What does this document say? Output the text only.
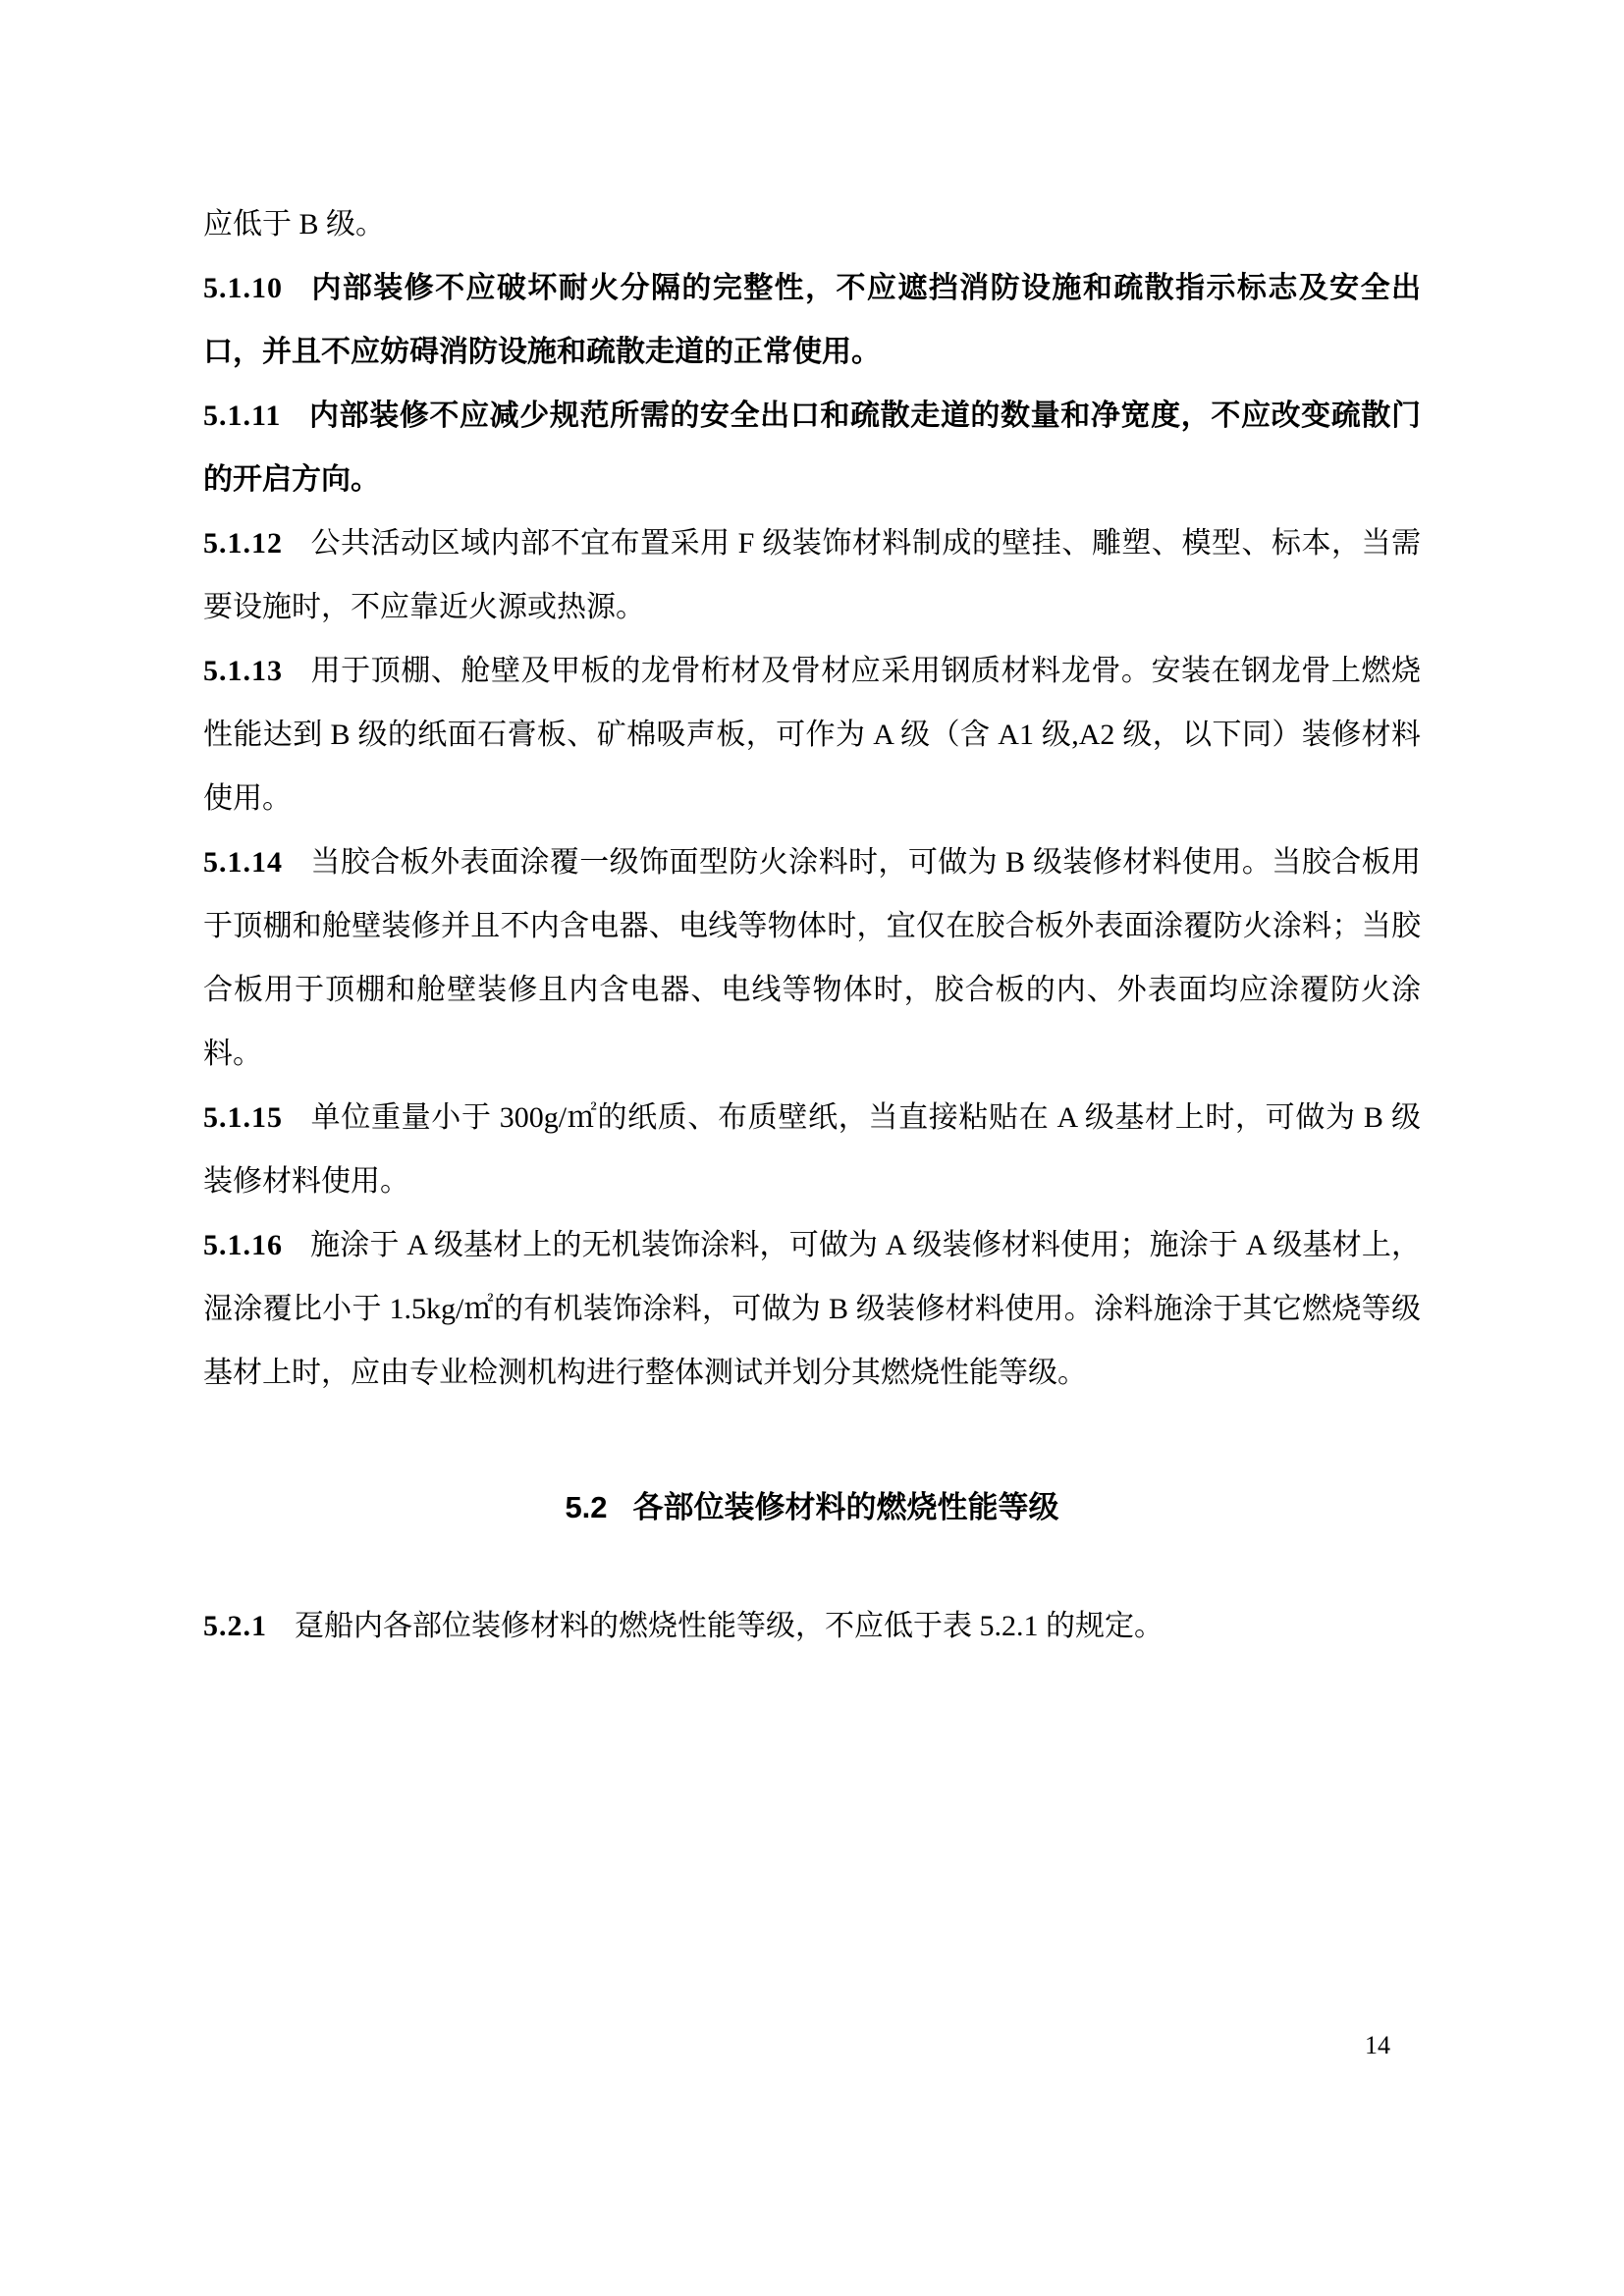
应低于 B 级。

5.1.10 内部装修不应破坏耐火分隔的完整性，不应遮挡消防设施和疏散指示标志及安全出口，并且不应妨碍消防设施和疏散走道的正常使用。

5.1.11 内部装修不应减少规范所需的安全出口和疏散走道的数量和净宽度，不应改变疏散门的开启方向。

5.1.12 公共活动区域内部不宜布置采用 F 级装饰材料制成的壁挂、雕塑、模型、标本，当需要设施时，不应靠近火源或热源。

5.1.13 用于顶棚、舱壁及甲板的龙骨桁材及骨材应采用钢质材料龙骨。安装在钢龙骨上燃烧性能达到 B 级的纸面石膏板、矿棉吸声板，可作为 A 级（含 A1 级,A2 级，以下同）装修材料使用。

5.1.14 当胶合板外表面涂覆一级饰面型防火涂料时，可做为 B 级装修材料使用。当胶合板用于顶棚和舱壁装修并且不内含电器、电线等物体时，宜仅在胶合板外表面涂覆防火涂料；当胶合板用于顶棚和舱壁装修且内含电器、电线等物体时，胶合板的内、外表面均应涂覆防火涂料。

5.1.15 单位重量小于 300g/㎡的纸质、布质壁纸，当直接粘贴在 A 级基材上时，可做为 B 级装修材料使用。

5.1.16 施涂于 A 级基材上的无机装饰涂料，可做为 A 级装修材料使用；施涂于 A 级基材上，湿涂覆比小于 1.5kg/㎡的有机装饰涂料，可做为 B 级装修材料使用。涂料施涂于其它燃烧等级基材上时，应由专业检测机构进行整体测试并划分其燃烧性能等级。

5.2 各部位装修材料的燃烧性能等级

5.2.1 趸船内各部位装修材料的燃烧性能等级，不应低于表 5.2.1 的规定。

14
